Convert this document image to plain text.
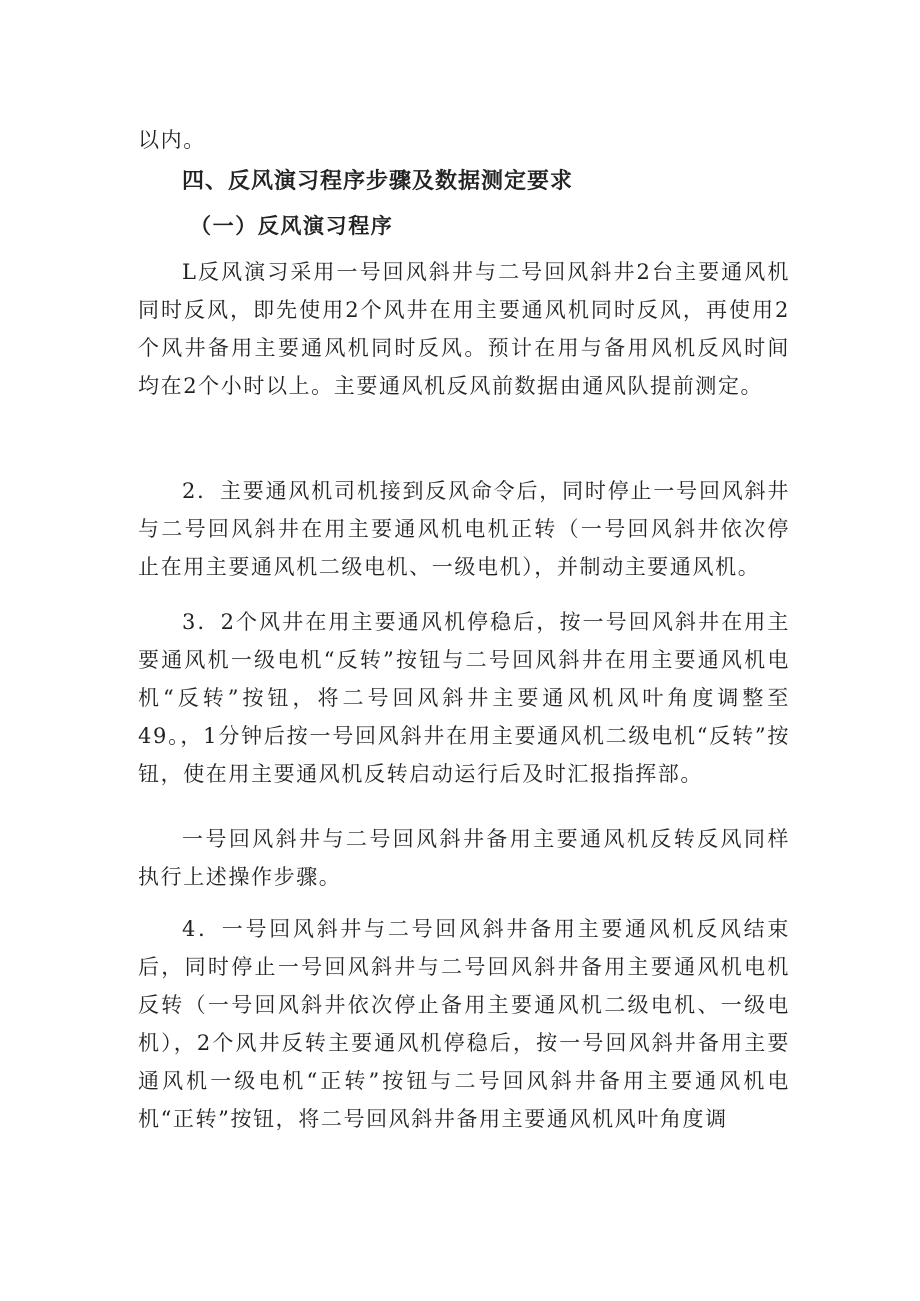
以内。

四、反风演习程序步骤及数据测定要求
（一）反风演习程序

L反风演习采用一号回风斜井与二号回风斜井2台主要通风机同时反风，即先使用2个风井在用主要通风机同时反风，再使用2个风井备用主要通风机同时反风。预计在用与备用风机反风时间均在2个小时以上。主要通风机反风前数据由通风队提前测定。

2．主要通风机司机接到反风命令后，同时停止一号回风斜井与二号回风斜井在用主要通风机电机正转（一号回风斜井依次停止在用主要通风机二级电机、一级电机），并制动主要通风机。

3．2个风井在用主要通风机停稳后，按一号回风斜井在用主要通风机一级电机“反转”按钮与二号回风斜井在用主要通风机电机“反转”按钮，将二号回风斜井主要通风机风叶角度调整至49。，1分钟后按一号回风斜井在用主要通风机二级电机“反转”按钮，使在用主要通风机反转启动运行后及时汇报指挥部。

一号回风斜井与二号回风斜井备用主要通风机反转反风同样执行上述操作步骤。

4．一号回风斜井与二号回风斜井备用主要通风机反风结束后，同时停止一号回风斜井与二号回风斜井备用主要通风机电机反转（一号回风斜井依次停止备用主要通风机二级电机、一级电机），2个风井反转主要通风机停稳后，按一号回风斜井备用主要通风机一级电机“正转”按钮与二号回风斜井备用主要通风机电机“正转”按钮，将二号回风斜井备用主要通风机风叶角度调
